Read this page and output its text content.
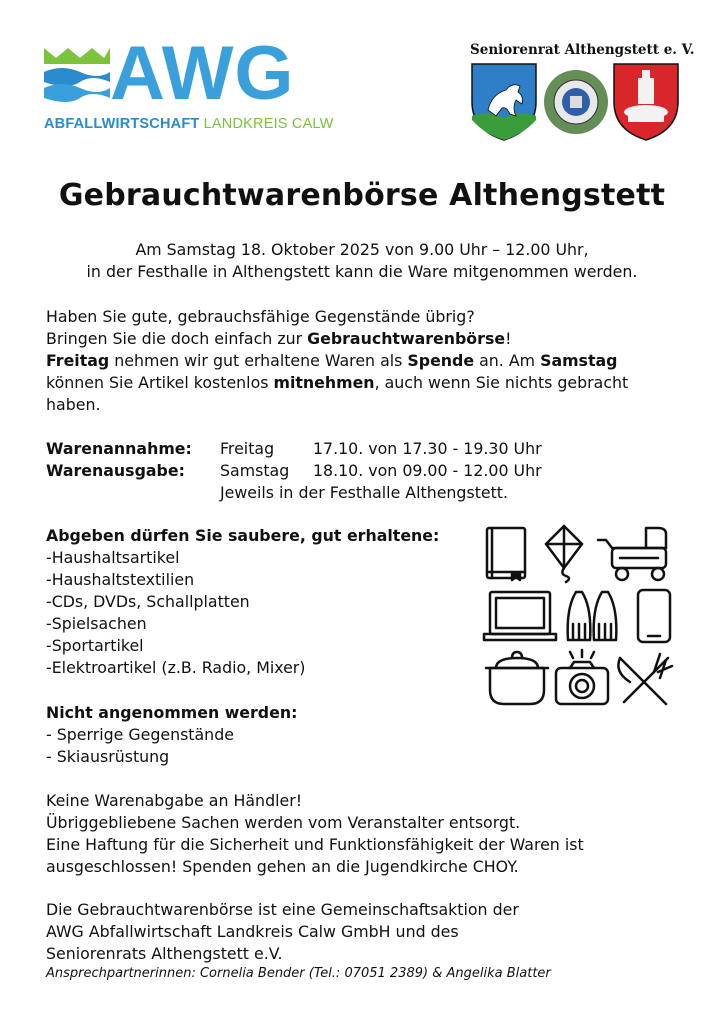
AWG
ABFALLWIRTSCHAFT LANDKREIS CALW
Seniorenrat Althengstett e. V.
Gebrauchtwarenbörse Althengstett
Am Samstag 18. Oktober 2025 von 9.00 Uhr – 12.00 Uhr,
in der Festhalle in Althengstett kann die Ware mitgenommen werden.
Haben Sie gute, gebrauchsfähige Gegenstände übrig?
Bringen Sie die doch einfach zur Gebrauchtwarenbörse!
Freitag nehmen wir gut erhaltene Waren als Spende an. Am Samstag
können Sie Artikel kostenlos mitnehmen, auch wenn Sie nichts gebracht
haben.
Warenannahme: Freitag 17.10. von 17.30 - 19.30 Uhr
Warenausgabe: Samstag 18.10. von 09.00 - 12.00 Uhr
Jeweils in der Festhalle Althengstett.
Abgeben dürfen Sie saubere, gut erhaltene:
-Haushaltsartikel
-Haushaltstextilien
-CDs, DVDs, Schallplatten
-Spielsachen
-Sportartikel
-Elektroartikel (z.B. Radio, Mixer)
Nicht angenommen werden:
- Sperrige Gegenstände
- Skiausrüstung
Keine Warenabgabe an Händler!
Übriggebliebene Sachen werden vom Veranstalter entsorgt.
Eine Haftung für die Sicherheit und Funktionsfähigkeit der Waren ist
ausgeschlossen! Spenden gehen an die Jugendkirche CHOY.
Die Gebrauchtwarenbörse ist eine Gemeinschaftsaktion der
AWG Abfallwirtschaft Landkreis Calw GmbH und des
Seniorenrats Althengstett e.V.
Ansprechpartnerinnen: Cornelia Bender (Tel.: 07051 2389) & Angelika Blatter
